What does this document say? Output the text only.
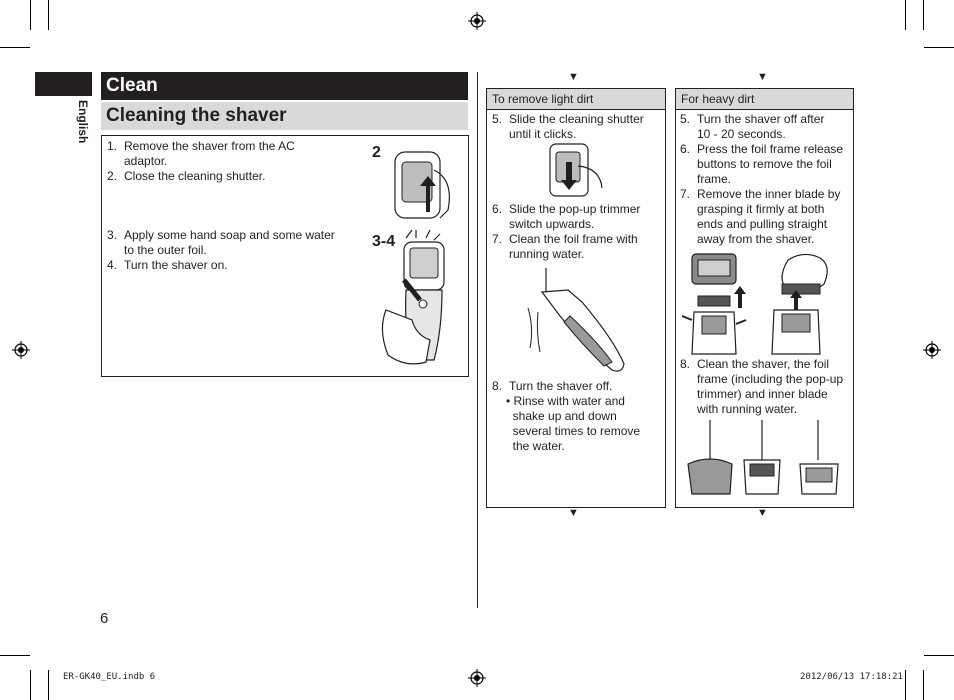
English
Clean
Cleaning the shaver
1. Remove the shaver from the AC
adaptor.
2. Close the cleaning shutter.
3. Apply some hand soap and some water
to the outer foil.
4. Turn the shaver on.
2
3-4
▼	▼
▼	▼
To remove light dirt
5. Slide the cleaning shutter
until it clicks.
6. Slide the pop-up trimmer
switch upwards.
7. Clean the foil frame with
running water.
8. Turn the shaver off.
• Rinse with water and
shake up and down
several times to remove
the water.
For heavy dirt
5. Turn the shaver off after
10 - 20 seconds.
6. Press the foil frame release
buttons to remove the foil
frame.
7. Remove the inner blade by
grasping it firmly at both
ends and pulling straight
away from the shaver.
8. Clean the shaver, the foil
frame (including the pop-up
trimmer) and inner blade
with running water.
6
ER-GK40_EU.indb 6	2012/06/13 17:18:21
